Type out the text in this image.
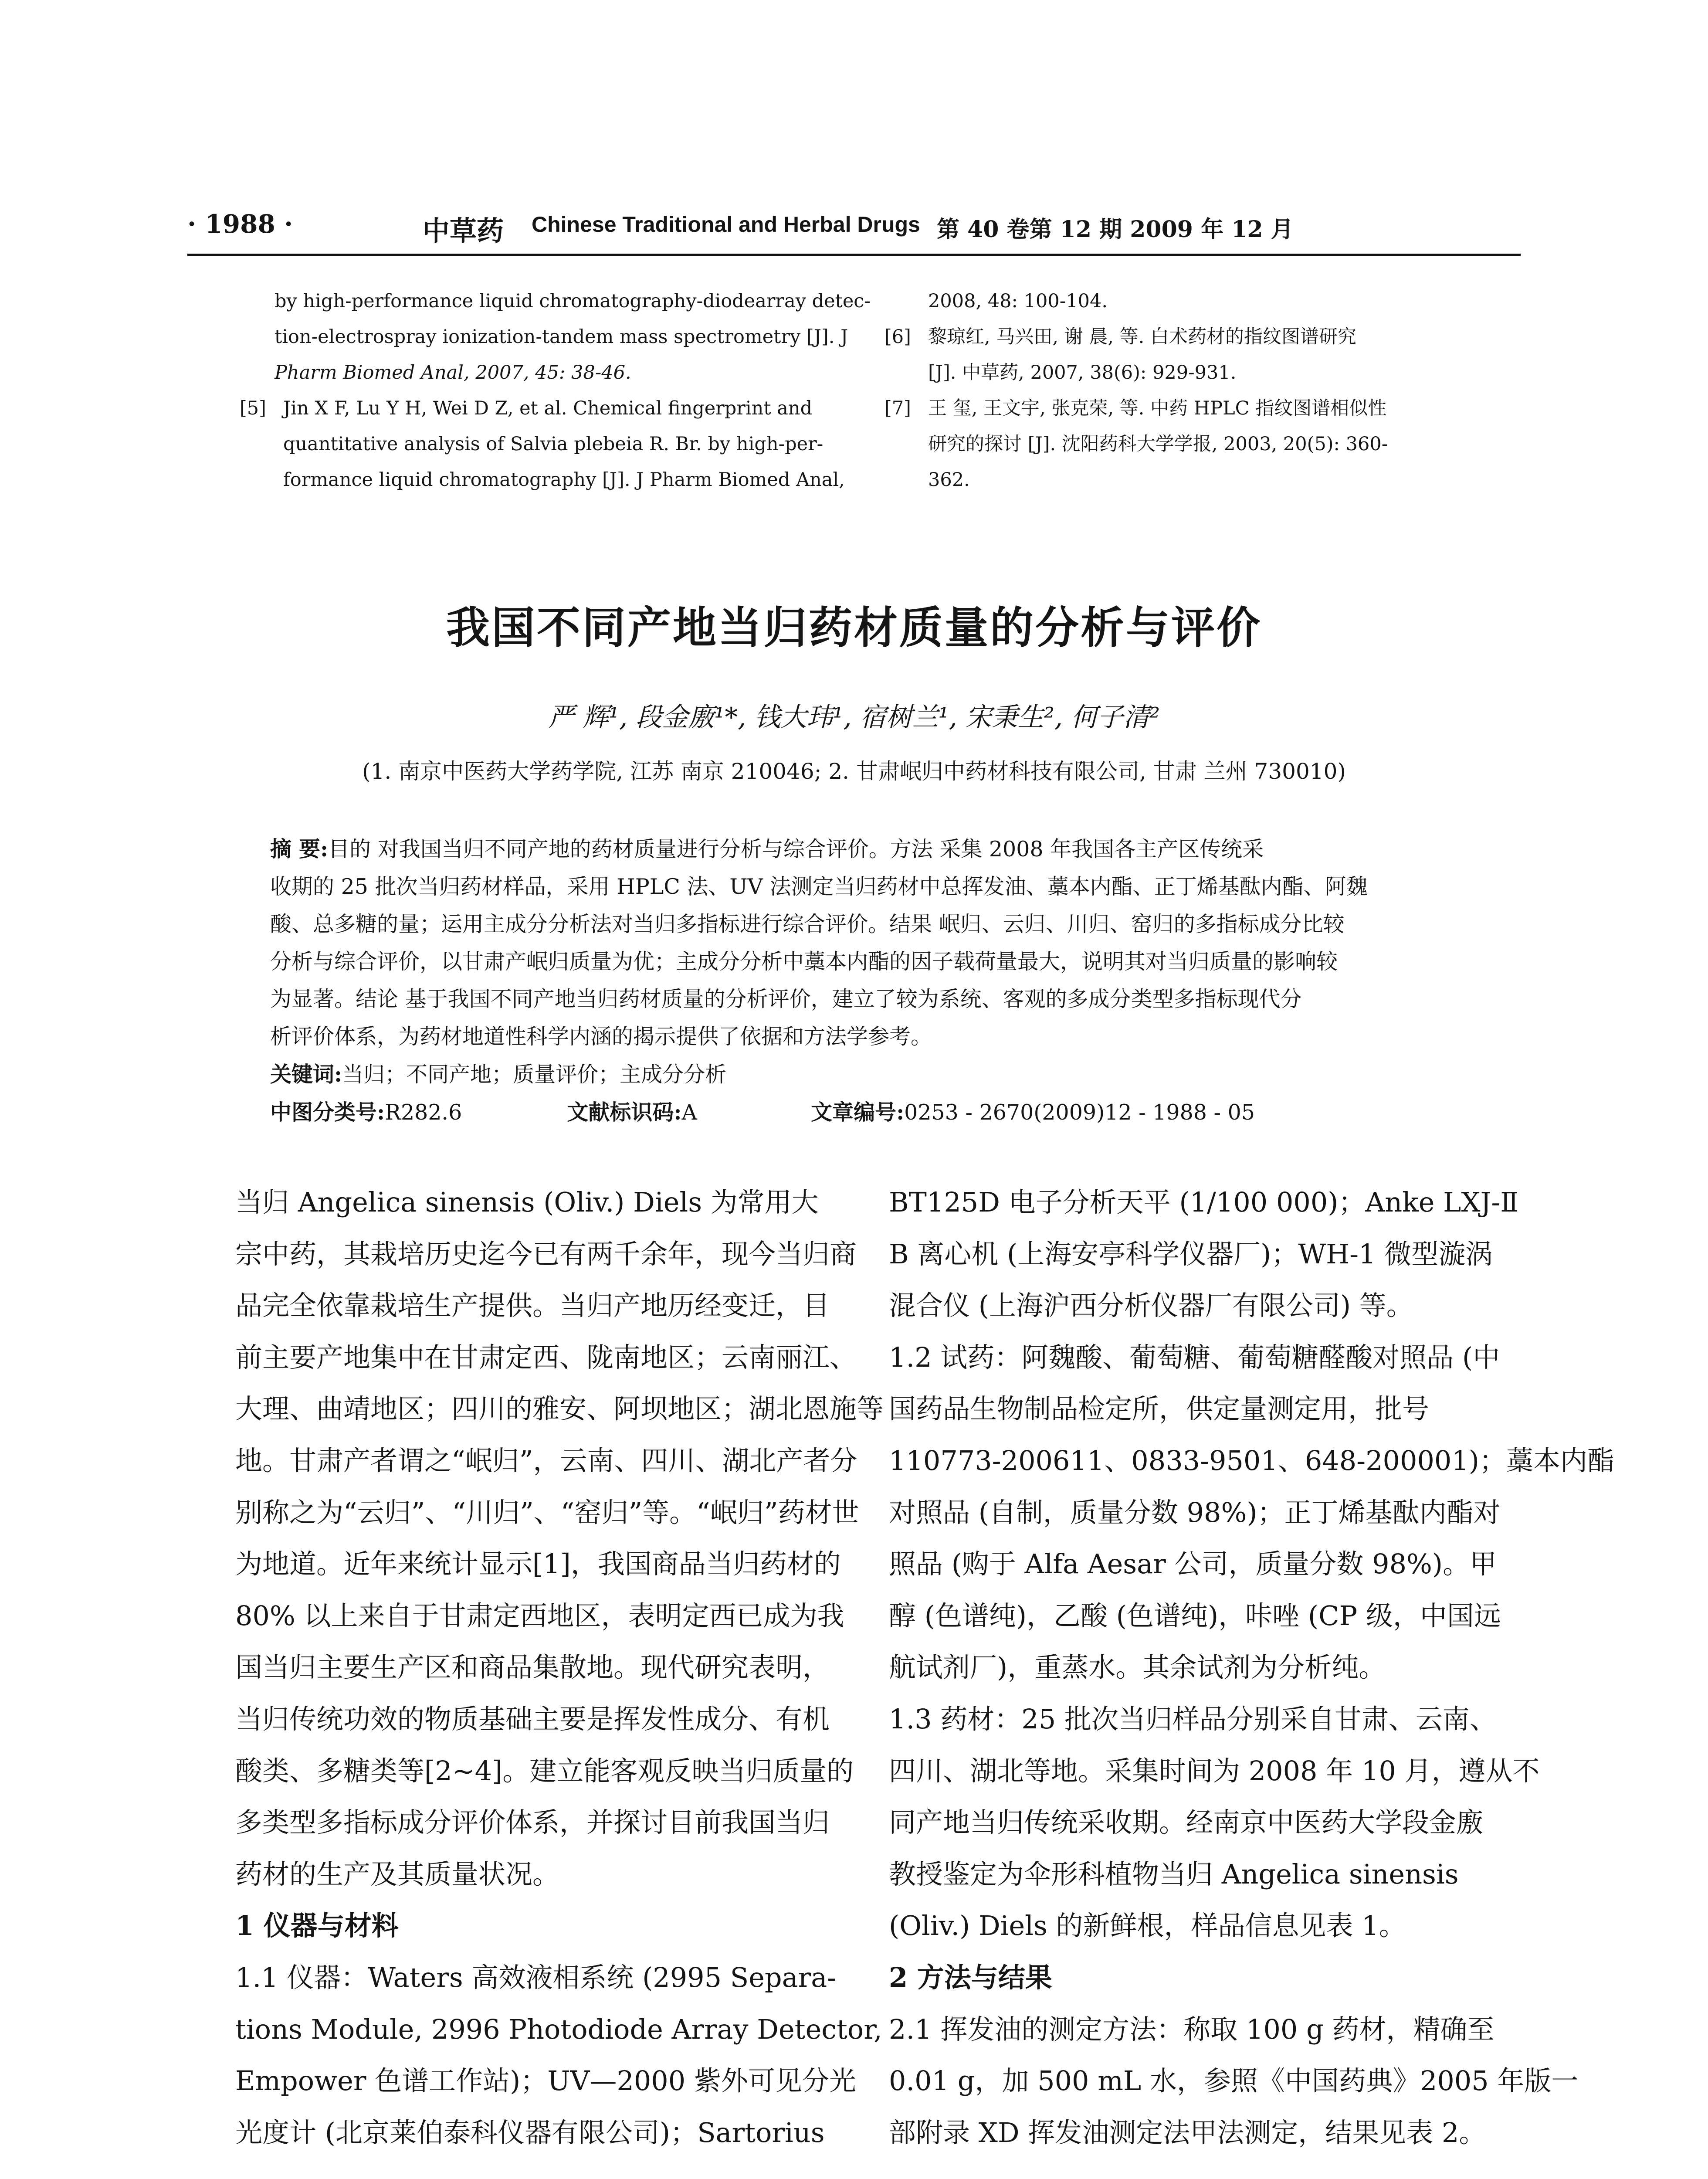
· 1988 ·	中草药 Chinese Traditional and Herbal Drugs 第 40 卷第 12 期 2009 年 12 月
by high-performance liquid chromatography-diodearray detec-
tion-electrospray ionization-tandem mass spectrometry [J]. J
Pharm Biomed Anal, 2007, 45: 38-46.
[5] Jin X F, Lu Y H, Wei D Z, et al. Chemical fingerprint and
quantitative analysis of Salvia plebeia R. Br. by high-per-
formance liquid chromatography [J]. J Pharm Biomed Anal,
2008, 48: 100-104.
[6] 黎琼红, 马兴田, 谢 晨, 等. 白术药材的指纹图谱研究
[J]. 中草药, 2007, 38(6): 929-931.
[7] 王 玺, 王文宇, 张克荣, 等. 中药 HPLC 指纹图谱相似性
研究的探讨 [J]. 沈阳药科大学学报, 2003, 20(5): 360-
362.
我国不同产地当归药材质量的分析与评价
严 辉¹, 段金廒¹*, 钱大玮¹, 宿树兰¹, 宋秉生², 何子清²
(1. 南京中医药大学药学院, 江苏 南京 210046; 2. 甘肃岷归中药材科技有限公司, 甘肃 兰州 730010)
摘 要:目的 对我国当归不同产地的药材质量进行分析与综合评价。方法 采集 2008 年我国各主产区传统采
收期的 25 批次当归药材样品，采用 HPLC 法、UV 法测定当归药材中总挥发油、藁本内酯、正丁烯基酞内酯、阿魏
酸、总多糖的量；运用主成分分析法对当归多指标进行综合评价。结果 岷归、云归、川归、窑归的多指标成分比较
分析与综合评价，以甘肃产岷归质量为优；主成分分析中藁本内酯的因子载荷量最大，说明其对当归质量的影响较
为显著。结论 基于我国不同产地当归药材质量的分析评价，建立了较为系统、客观的多成分类型多指标现代分
析评价体系，为药材地道性科学内涵的揭示提供了依据和方法学参考。
关键词:当归；不同产地；质量评价；主成分分析
中图分类号:R282.6	文献标识码:A	文章编号:0253 - 2670(2009)12 - 1988 - 05
当归 Angelica sinensis (Oliv.) Diels 为常用大
宗中药，其栽培历史迄今已有两千余年，现今当归商
品完全依靠栽培生产提供。当归产地历经变迁，目
前主要产地集中在甘肃定西、陇南地区；云南丽江、
大理、曲靖地区；四川的雅安、阿坝地区；湖北恩施等
地。甘肃产者谓之“岷归”，云南、四川、湖北产者分
别称之为“云归”、“川归”、“窑归”等。“岷归”药材世
为地道。近年来统计显示[1]，我国商品当归药材的
80% 以上来自于甘肃定西地区，表明定西已成为我
国当归主要生产区和商品集散地。现代研究表明，
当归传统功效的物质基础主要是挥发性成分、有机
酸类、多糖类等[2~4]。建立能客观反映当归质量的
多类型多指标成分评价体系，并探讨目前我国当归
药材的生产及其质量状况。
1 仪器与材料
1.1 仪器：Waters 高效液相系统 (2995 Separa-
tions Module, 2996 Photodiode Array Detector,
Empower 色谱工作站)；UV—2000 紫外可见分光
光度计 (北京莱伯泰科仪器有限公司)；Sartorius
BT125D 电子分析天平 (1/100 000)；Anke LXJ-Ⅱ
B 离心机 (上海安亭科学仪器厂)；WH-1 微型漩涡
混合仪 (上海沪西分析仪器厂有限公司) 等。
1.2 试药：阿魏酸、葡萄糖、葡萄糖醛酸对照品 (中
国药品生物制品检定所，供定量测定用，批号
110773-200611、0833-9501、648-200001)；藁本内酯
对照品 (自制，质量分数 98%)；正丁烯基酞内酯对
照品 (购于 Alfa Aesar 公司，质量分数 98%)。甲
醇 (色谱纯)，乙酸 (色谱纯)，咔唑 (CP 级，中国远
航试剂厂)，重蒸水。其余试剂为分析纯。
1.3 药材：25 批次当归样品分别采自甘肃、云南、
四川、湖北等地。采集时间为 2008 年 10 月，遵从不
同产地当归传统采收期。经南京中医药大学段金廒
教授鉴定为伞形科植物当归 Angelica sinensis
(Oliv.) Diels 的新鲜根，样品信息见表 1。
2 方法与结果
2.1 挥发油的测定方法：称取 100 g 药材，精确至
0.01 g，加 500 mL 水，参照《中国药典》2005 年版一
部附录 XD 挥发油测定法甲法测定，结果见表 2。
